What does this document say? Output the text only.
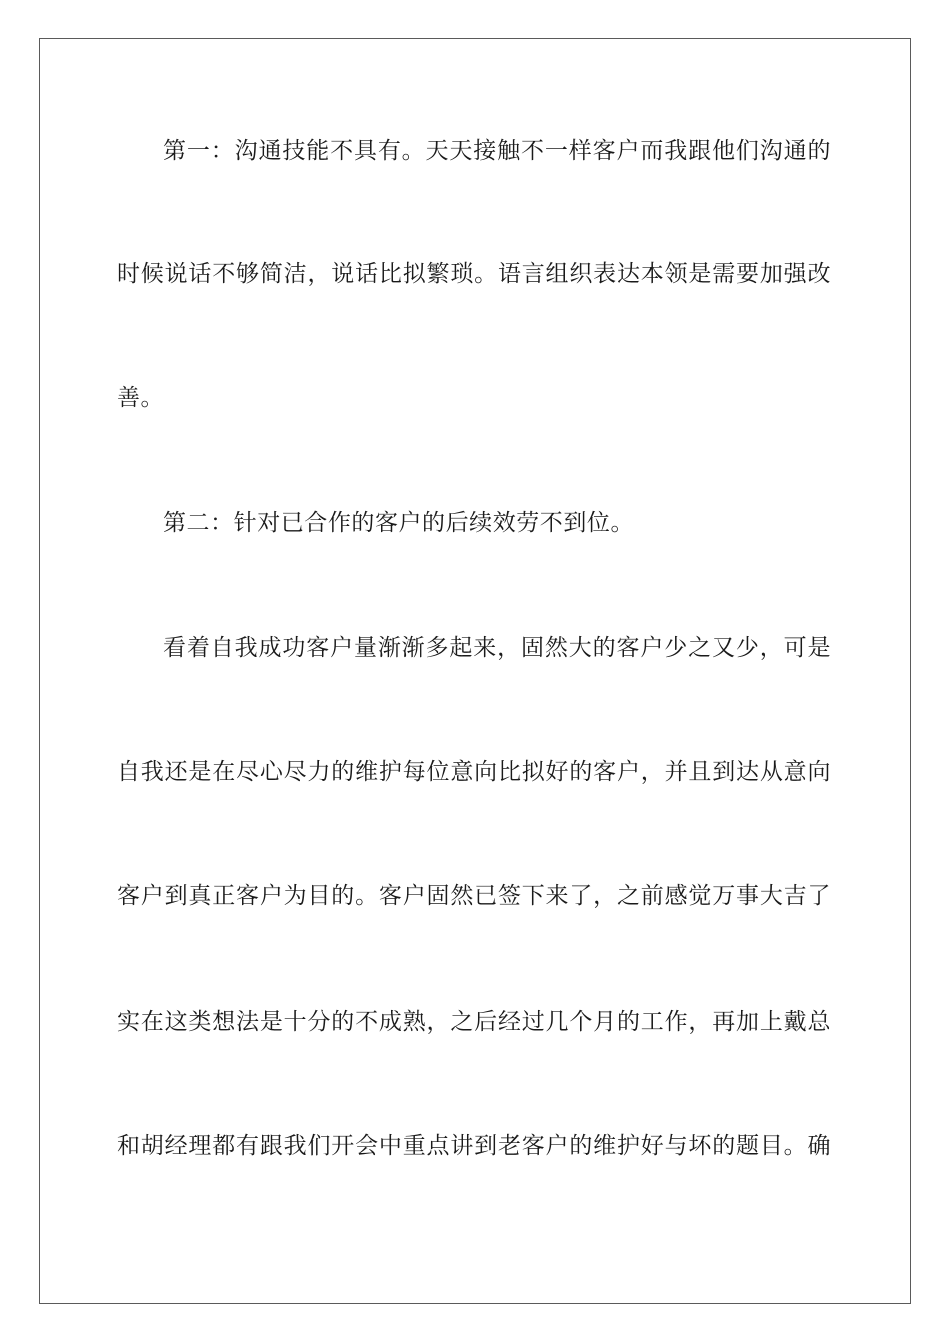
第一：沟通技能不具有。天天接触不一样客户而我跟他们沟通的
时候说话不够简洁，说话比拟繁琐。语言组织表达本领是需要加强改
善。
第二：针对已合作的客户的后续效劳不到位。
看着自我成功客户量渐渐多起来，固然大的客户少之又少，可是
自我还是在尽心尽力的维护每位意向比拟好的客户，并且到达从意向
客户到真正客户为目的。客户固然已签下来了，之前感觉万事大吉了
实在这类想法是十分的不成熟，之后经过几个月的工作，再加上戴总
和胡经理都有跟我们开会中重点讲到老客户的维护好与坏的题目。确
